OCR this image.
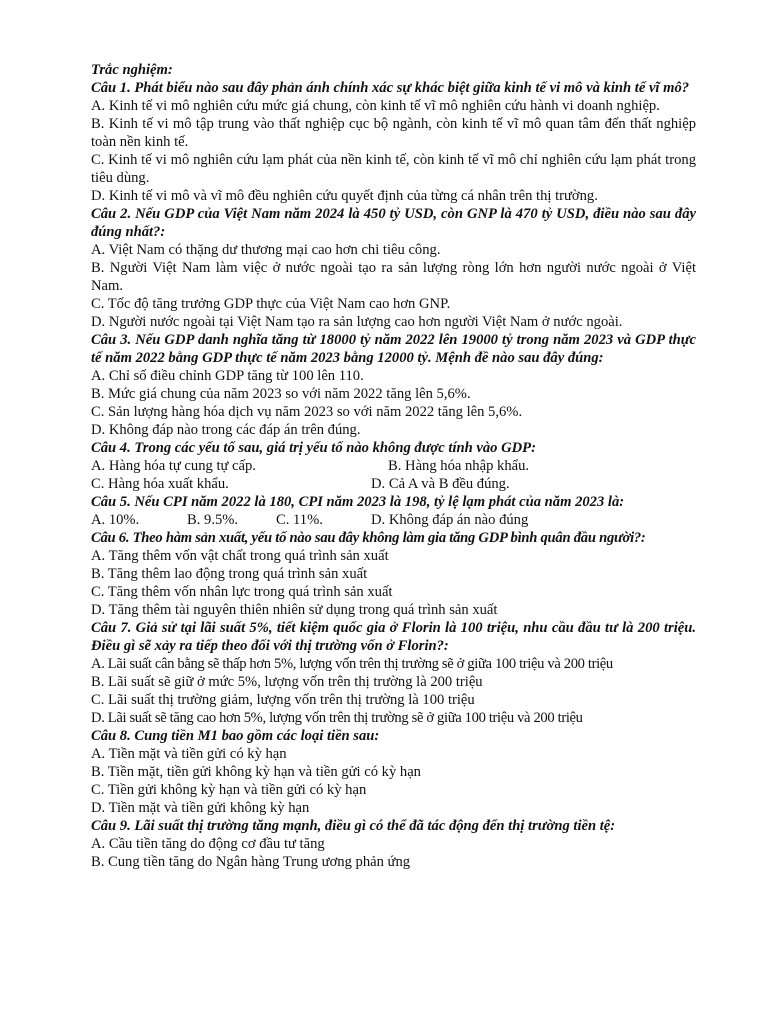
Trắc nghiệm:
Câu 1. Phát biểu nào sau đây phản ánh chính xác sự khác biệt giữa kinh tế vi mô và kinh tế vĩ mô?
A. Kinh tế vi mô nghiên cứu mức giá chung, còn kinh tế vĩ mô nghiên cứu hành vi doanh nghiệp.
B. Kinh tế vi mô tập trung vào thất nghiệp cục bộ ngành, còn kinh tế vĩ mô quan tâm đến thất nghiệp toàn nền kinh tế.
C. Kinh tế vi mô nghiên cứu lạm phát của nền kinh tế, còn kinh tế vĩ mô chỉ nghiên cứu lạm phát trong tiêu dùng.
D. Kinh tế vi mô và vĩ mô đều nghiên cứu quyết định của từng cá nhân trên thị trường.
Câu 2. Nếu GDP của Việt Nam năm 2024 là 450 tỷ USD, còn GNP là 470 tỷ USD, điều nào sau đây đúng nhất?:
A. Việt Nam có thặng dư thương mại cao hơn chi tiêu công.
B. Người Việt Nam làm việc ở nước ngoài tạo ra sản lượng ròng lớn hơn người nước ngoài ở Việt Nam.
C. Tốc độ tăng trưởng GDP thực của Việt Nam cao hơn GNP.
D. Người nước ngoài tại Việt Nam tạo ra sản lượng cao hơn người Việt Nam ở nước ngoài.
Câu 3. Nếu GDP danh nghĩa tăng từ 18000 tỷ năm 2022 lên 19000 tỷ trong năm 2023 và GDP thực tế năm 2022 bằng GDP thực tế năm 2023 bằng 12000 tỷ. Mệnh đề nào sau đây đúng:
A. Chỉ số điều chỉnh GDP tăng từ 100 lên 110.
B. Mức giá chung của năm 2023 so với năm 2022 tăng lên 5,6%.
C. Sản lượng hàng hóa dịch vụ năm 2023 so với năm 2022 tăng lên 5,6%.
D. Không đáp nào trong các đáp án trên đúng.
Câu 4. Trong các yếu tố sau, giá trị yếu tố nào không được tính vào GDP:
A. Hàng hóa tự cung tự cấp.	B. Hàng hóa nhập khẩu.
C. Hàng hóa xuất khẩu.	D. Cả A và B đều đúng.
Câu 5. Nếu CPI năm 2022 là 180, CPI năm 2023 là 198, tỷ lệ lạm phát của năm 2023 là:
A. 10%.	B. 9.5%.	C. 11%.	D. Không đáp án nào đúng
Câu 6. Theo hàm sản xuất, yếu tố nào sau đây không làm gia tăng GDP bình quân đầu người?:
A. Tăng thêm vốn vật chất trong quá trình sản xuất
B. Tăng thêm lao động trong quá trình sản xuất
C. Tăng thêm vốn nhân lực trong quá trình sản xuất
D. Tăng thêm tài nguyên thiên nhiên sử dụng trong quá trình sản xuất
Câu 7. Giả sử tại lãi suất 5%, tiết kiệm quốc gia ở Florin là 100 triệu, nhu cầu đầu tư là 200 triệu. Điều gì sẽ xảy ra tiếp theo đối với thị trường vốn ở Florin?:
A. Lãi suất cân bằng sẽ thấp hơn 5%, lượng vốn trên thị trường sẽ ở giữa 100 triệu và 200 triệu
B. Lãi suất sẽ giữ ở mức 5%, lượng vốn trên thị trường là 200 triệu
C. Lãi suất thị trường giảm, lượng vốn trên thị trường là 100 triệu
D. Lãi suất sẽ tăng cao hơn 5%, lượng vốn trên thị trường sẽ ở giữa 100 triệu và 200 triệu
Câu 8. Cung tiền M1 bao gồm các loại tiền sau:
A. Tiền mặt và tiền gửi có kỳ hạn
B. Tiền mặt, tiền gửi không kỳ hạn và tiền gửi có kỳ hạn
C. Tiền gửi không kỳ hạn và tiền gửi có kỳ hạn
D. Tiền mặt và tiền gửi không kỳ hạn
Câu 9. Lãi suất thị trường tăng mạnh, điều gì có thể đã tác động đến thị trường tiền tệ:
A. Cầu tiền tăng do động cơ đầu tư tăng
B. Cung tiền tăng do Ngân hàng Trung ương phản ứng
